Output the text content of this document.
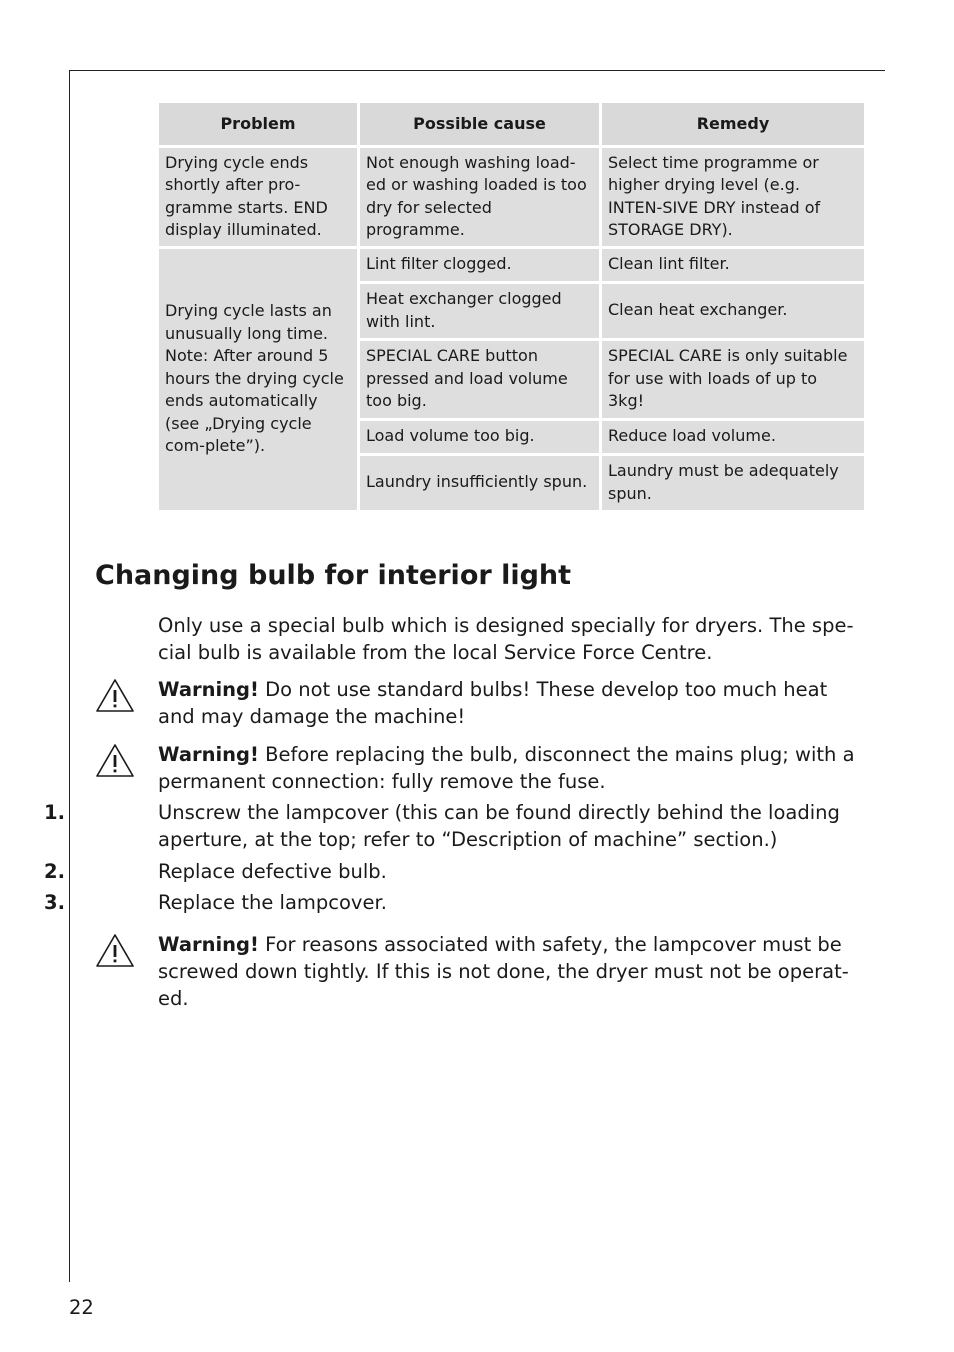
Problem	Possible cause	Remedy
Drying cycle ends shortly after pro-gramme starts. END display illuminated.	Not enough washing load-ed or washing loaded is too dry for selected programme.	Select time programme or higher drying level (e.g. INTEN-SIVE DRY instead of STORAGE DRY).
Drying cycle lasts an unusually long time. Note: After around 5 hours the drying cycle ends automatically (see „Drying cycle com-plete”).	Lint filter clogged.	Clean lint filter.
	Heat exchanger clogged with lint.	Clean heat exchanger.
	SPECIAL CARE button pressed and load volume too big.	SPECIAL CARE is only suitable for use with loads of up to 3kg!
	Load volume too big.	Reduce load volume.
	Laundry insufficiently spun.	Laundry must be adequately spun.
Changing bulb for interior light
Only use a special bulb which is designed specially for dryers. The spe-cial bulb is available from the local Service Force Centre.
Warning! Do not use standard bulbs! These develop too much heat and may damage the machine!
Warning! Before replacing the bulb, disconnect the mains plug; with a permanent connection: fully remove the fuse.
1.	Unscrew the lampcover (this can be found directly behind the loading aperture, at the top; refer to “Description of machine” section.)
2.	Replace defective bulb.
3.	Replace the lampcover.
Warning! For reasons associated with safety, the lampcover must be screwed down tightly. If this is not done, the dryer must not be operat-ed.
22
